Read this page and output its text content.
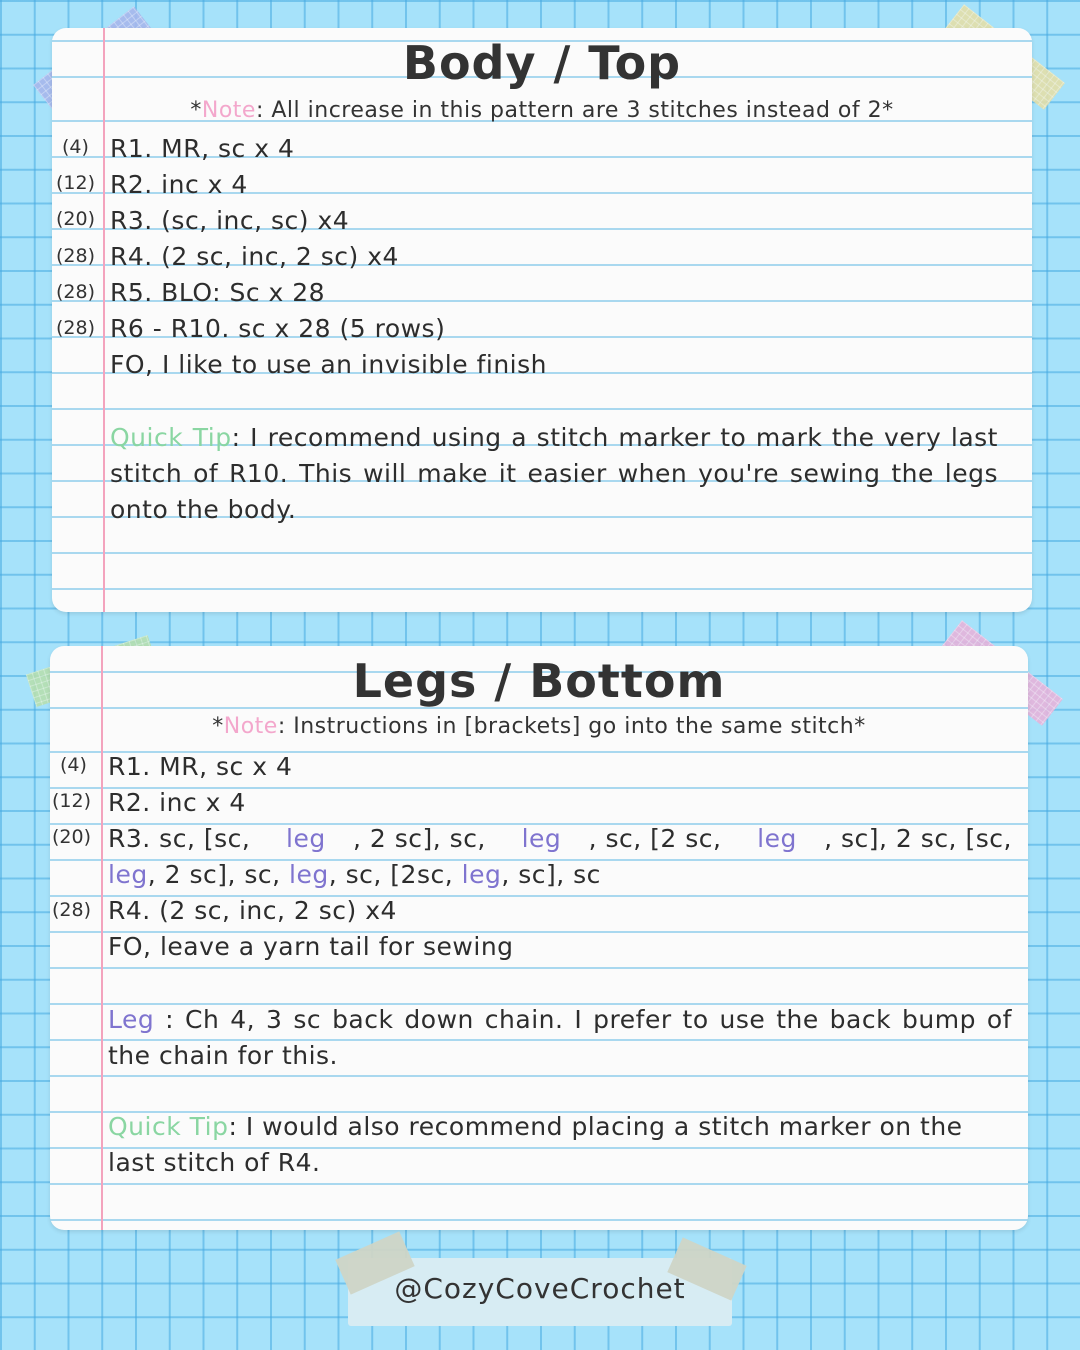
Body / Top
*Note: All increase in this pattern are 3 stitches instead of 2*
(4) R1. MR, sc x 4
(12) R2. inc x 4
(20) R3. (sc, inc, sc) x4
(28) R4. (2 sc, inc, 2 sc) x4
(28) R5. BLO: Sc x 28
(28) R6 - R10. sc x 28 (5 rows)
FO, I like to use an invisible finish
Quick Tip: I recommend using a stitch marker to mark the very last stitch of R10. This will make it easier when you're sewing the legs onto the body.
Legs / Bottom
*Note: Instructions in [brackets] go into the same stitch*
(4) R1. MR, sc x 4
(12) R2. inc x 4
(20) R3. sc, [sc, leg , 2 sc], sc, leg , sc, [2 sc, leg , sc], 2 sc, [sc,
leg, 2 sc], sc, leg, sc, [2sc, leg, sc], sc
(28) R4. (2 sc, inc, 2 sc) x4
FO, leave a yarn tail for sewing
Leg : Ch 4, 3 sc back down chain. I prefer to use the back bump of the chain for this.
Quick Tip: I would also recommend placing a stitch marker on the last stitch of R4.
@CozyCoveCrochet
